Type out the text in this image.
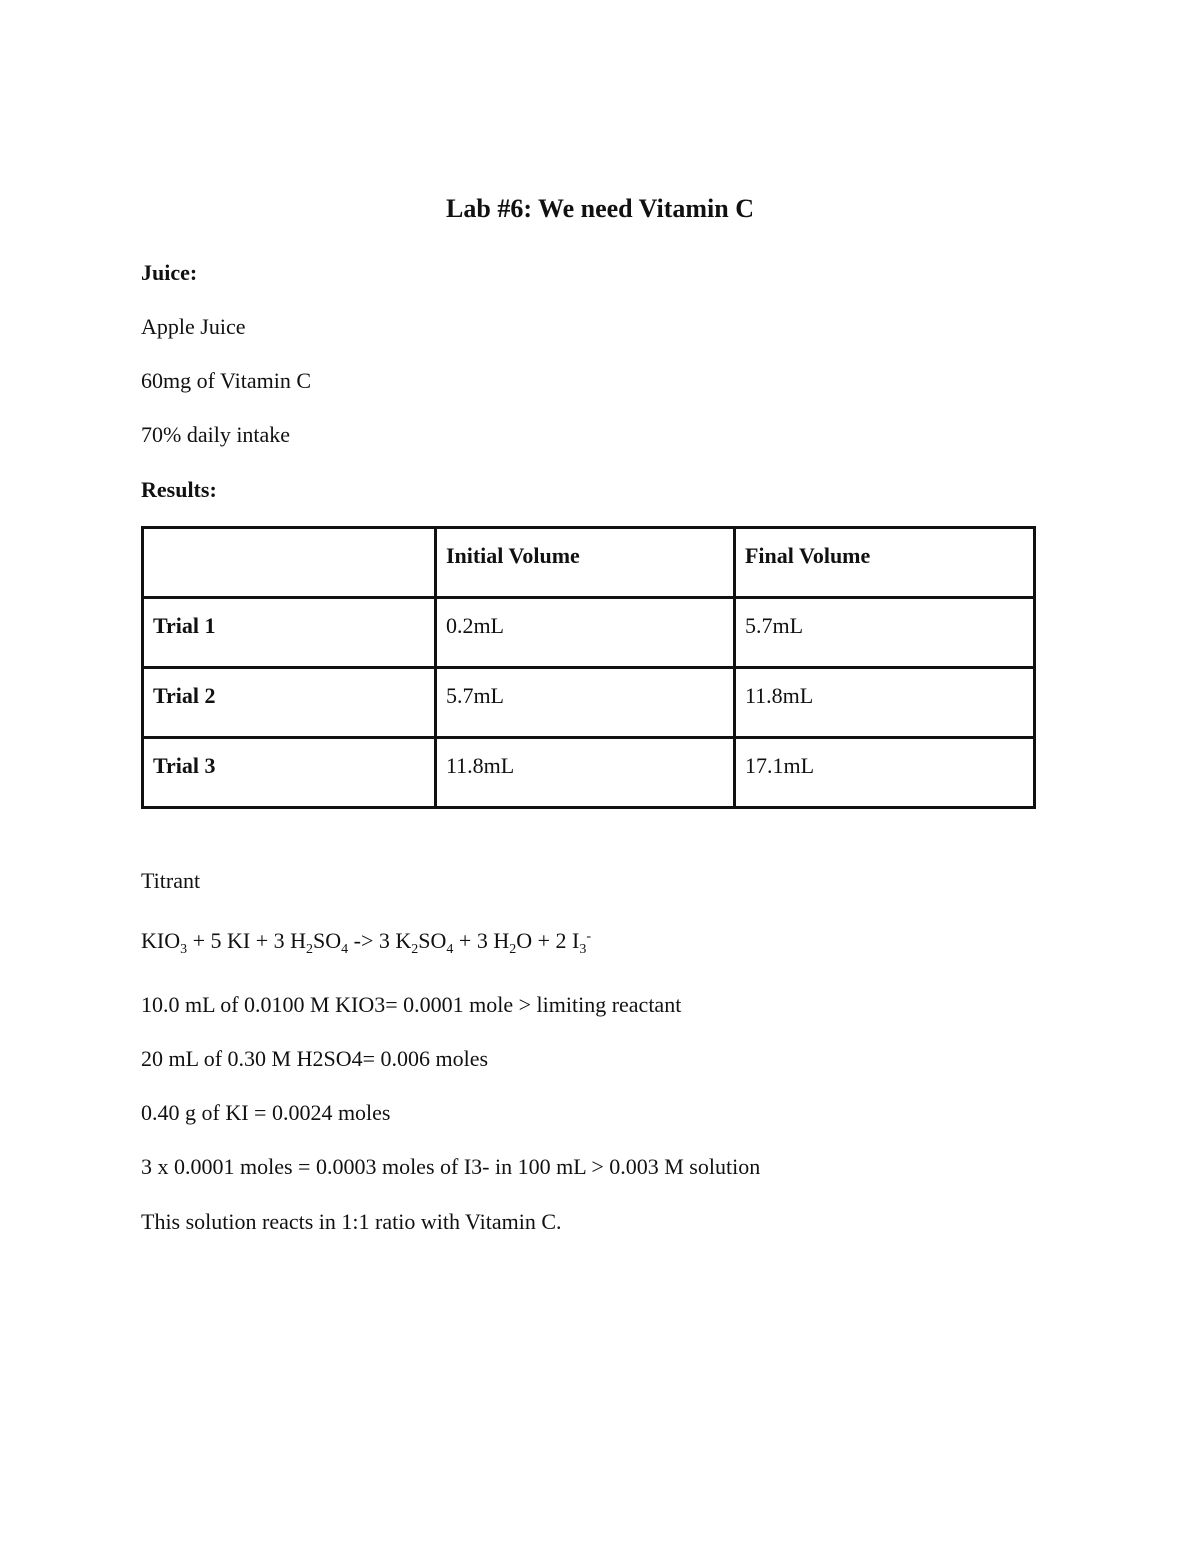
Lab #6: We need Vitamin C

Juice:

Apple Juice

60mg of Vitamin C

70% daily intake

Results:

	Initial Volume	Final Volume
Trial 1	0.2mL	5.7mL
Trial 2	5.7mL	11.8mL
Trial 3	11.8mL	17.1mL

Titrant

$KIO_3 + 5$ KI + 3 $H_2SO_4 -> 3$ $K_2SO_4 + 3$ $H_2O + 2$ $I_3^-$

10.0 mL of 0.0100 M KIO3= 0.0001 mole > limiting reactant

20 mL of 0.30 M H2SO4= 0.006 moles

0.40 g of KI = 0.0024 moles

3 x 0.0001 moles = 0.0003 moles of I3- in 100 mL > 0.003 M solution

This solution reacts in 1:1 ratio with Vitamin C.
